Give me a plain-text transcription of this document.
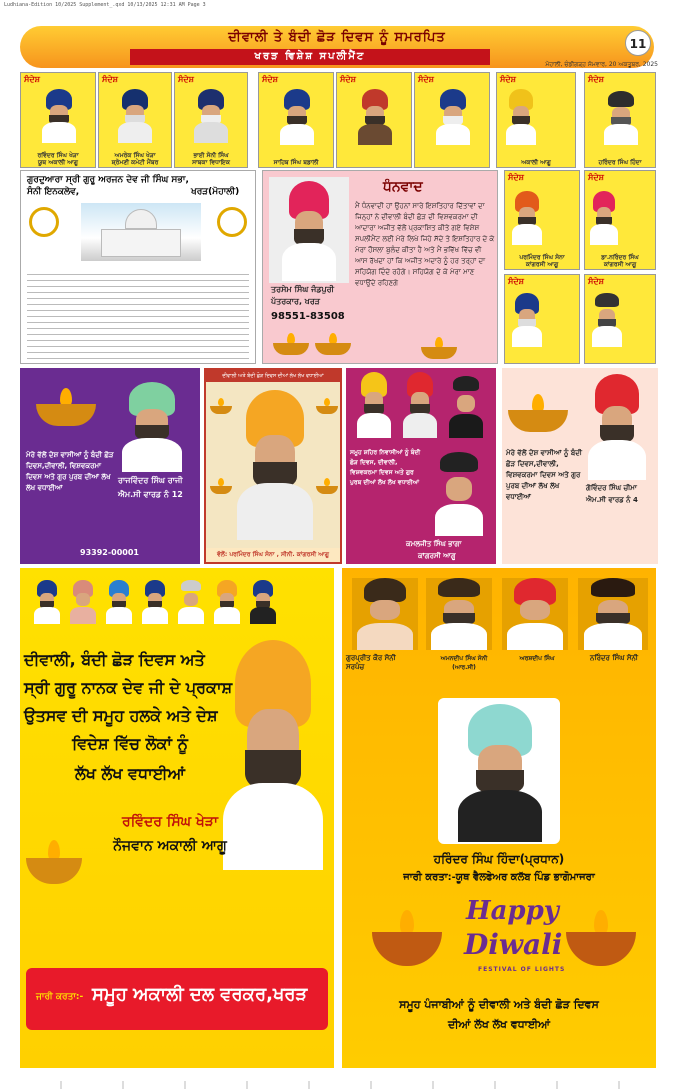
Ludhiana-Edition 10/2025 Supplement_.qxd 10/13/2025 12:31 AM Page 3
ਦੀਵਾਲੀ ਤੇ ਬੰਦੀ ਛੋੜ ਦਿਵਸ ਨੂੰ ਸਮਰਪਿਤ
ਖਰੜ ਵਿਸ਼ੇਸ਼ ਸਪਲੀਮੈਂਟ
11
ਮੋਹਾਲੀ, ਚੰਡੀਗੜ੍ਹ ਸੋਮਵਾਰ, 20 ਅਕਤੂਬਰ, 2025
ਸੰਦੇਸ਼
ਰਵਿੰਦਰ ਸਿੰਘ ਖੇੜਾ
ਯੂਥ ਅਕਾਲੀ ਆਗੂ
ਸੰਦੇਸ਼
ਅਮਰੇਕ ਸਿੰਘ ਖੇੜਾ
ਸ਼੍ਰੋਮਣੀ ਕਮੇਟੀ ਮੈਂਬਰ
ਸੰਦੇਸ਼
ਭਾਈ ਸੋਨੀ ਸਿੰਘ
ਸਾਬਕਾ ਵਿਧਾਇਕ
ਸੰਦੇਸ਼
ਸਾਹਿਬ ਸਿੰਘ ਬਡਾਲੀ
ਸੰਦੇਸ਼	ਸੰਦੇਸ਼	ਸੰਦੇਸ਼
ਅਕਾਲੀ ਆਗੂ
ਸੰਦੇਸ਼
ਹਰਿੰਦਰ ਸਿੰਘ ਹਿੰਦਾ
ਗੁਰਦੁਆਰਾ ਸ੍ਰੀ ਗੁਰੂ ਅਰਜਨ ਦੇਵ ਜੀ ਸਿੰਘ ਸਭਾ,
ਸੰਨੀ ਇਨਕਲੇਵ,	ਖਰੜ(ਮੋਹਾਲੀ)
ਤਰਸੇਮ ਸਿੰਘ ਜੰਡਪੁਰੀ
ਪੱਤਰਕਾਰ, ਖਰੜ
98551-83508
ਧੰਨਵਾਦ
ਮੈਂ ਧੰਨਵਾਦੀ ਹਾਂ ਉਹਨਾਂ ਸਾਰੇ ਇਸ਼ਤਿਹਾਰ ਦਿੱਤਾਵਾਂ ਦਾ ਜਿਨ੍ਹਾਂ ਨੇ ਦੀਵਾਲੀ ਬੰਦੀ ਛੋੜ ਦੀ ਵਿਸ਼ਵਕਰਮਾ ਦੀ ਆਦਾਰਾ ਅਜੀਤ ਵੱਲੋਂ ਪ੍ਰਕਾਸ਼ਿਤ ਕੀਤੇ ਗਏ ਵਿਸ਼ੇਸ਼ ਸਪਲੀਮੈਂਟ ਲਈ ਮੇਰੇ ਲਿਖੇ ਜਿਹੇ ਸੱਦੇ ਤੇ ਇਸ਼ਤਿਹਾਰ ਦੇ ਕੇ ਮੇਰਾ ਹੌਸਲਾ ਬੁਲੰਦ ਕੀਤਾ ਹੈ ਅਤੇ ਮੈਂ ਭਵਿੱਖ ਵਿੱਚ ਵੀ ਆਸ ਰੱਖਦਾ ਹਾਂ ਕਿ ਅਜੀਤ ਅਦਾਰੇ ਨੂੰ ਹਰ ਤਰ੍ਹਾਂ ਦਾ ਸਹਿਯੋਗ ਦਿੰਦੇ ਰਹੋਗੇ। ਸਹਿਯੋਗ ਦੇ ਕੇ ਮੇਰਾ ਮਾਣ ਵਧਾਉਂਦੇ ਰਹਿਣਗੇ
ਸੰਦੇਸ਼
ਪਰਮਿੰਦਰ ਸਿੰਘ ਸੋਨਾ
ਕਾਂਗਰਸੀ ਆਗੂ
ਸੰਦੇਸ਼
ਡਾ.ਨਰਿੰਦਰ ਸਿੰਘ
ਕਾਂਗਰਸੀ ਆਗੂ
ਸੰਦੇਸ਼	ਸੰਦੇਸ਼
ਮੇਰੇ ਵੱਲੋਂ ਦੇਸ਼ ਵਾਸੀਆਂ ਨੂੰ ਬੰਦੀ ਛੋੜ ਦਿਵਸ,ਦੀਵਾਲੀ, ਵਿਸ਼ਵਕਰਮਾ ਦਿਵਸ ਅਤੇ ਗੁਰ ਪੁਰਬ ਦੀਆਂ ਲੱਖ ਲੱਖ ਵਧਾਈਆਂ
ਰਾਜਵਿੰਦਰ ਸਿੰਘ ਰਾਜੀ
ਐਮ.ਸੀ ਵਾਰਡ ਨੰ 12
93392-00001
ਦੀਵਾਲੀ ਅਤੇ ਬੰਦੀ ਛੋੜ ਦਿਵਸ ਦੀਆਂ ਲੱਖ ਲੱਖ ਵਧਾਈਆਂ
ਵੱਲੋਂ: ਪਰਮਿੰਦਰ ਸਿੰਘ ਸੋਨਾ , ਸੀਨੀ. ਕਾਂਗਰਸੀ ਆਗੂ
ਸਮੂਹ ਸ਼ਹਿਰ ਨਿਵਾਸੀਆਂ ਨੂੰ ਬੰਦੀ ਛੋੜ ਦਿਵਸ, ਦੀਵਾਲੀ, ਵਿਸ਼ਵਕਰਮਾ ਦਿਵਸ ਅਤੇ ਗੁਰ ਪੁਰਬ ਦੀਆਂ ਲੱਖ ਲੱਖ ਵਧਾਈਆਂ
ਕਮਲਜੀਤ ਸਿੰਘ ਭਾਗਾ
ਕਾਂਗਰਸੀ ਆਗੂ
ਮੇਰੇ ਵੱਲੋਂ ਦੇਸ਼ ਵਾਸੀਆਂ ਨੂੰ ਬੰਦੀ ਛੋੜ ਦਿਵਸ,ਦੀਵਾਲੀ, ਵਿਸ਼ਵਕਰਮਾ ਦਿਵਸ ਅਤੇ ਗੁਰ ਪੁਰਬ ਦੀਆਂ ਲੱਖ ਲੱਖ ਵਧਾਈਆਂ
ਗੋਵਿੰਦਰ ਸਿੰਘ ਚੀਮਾ
ਐਮ.ਸੀ ਵਾਰਡ ਨੰ 4
ਦੀਵਾਲੀ, ਬੰਦੀ ਛੋੜ ਦਿਵਸ ਅਤੇ
ਸ੍ਰੀ ਗੁਰੂ ਨਾਨਕ ਦੇਵ ਜੀ ਦੇ ਪ੍ਰਕਾਸ਼
ਉਤਸਵ ਦੀ ਸਮੂਹ ਹਲਕੇ ਅਤੇ ਦੇਸ਼
ਵਿਦੇਸ਼ ਵਿੱਚ ਲੋਕਾਂ ਨੂੰ
ਲੱਖ ਲੱਖ ਵਧਾਈਆਂ
ਰਵਿੰਦਰ ਸਿੰਘ ਖੇੜਾ
ਨੌਜਵਾਨ ਅਕਾਲੀ ਆਗੂ
ਜਾਰੀ ਕਰਤਾ:- ਸਮੂਹ ਅਕਾਲੀ ਦਲ ਵਰਕਰ,ਖਰੜ
ਗੁਰਪ੍ਰੀਤ ਕੌਰ ਸੋਨੀ
ਸਰਪੰਚ
ਅਮਨਦੀਪ ਸਿੰਘ ਸੋਨੀ
(ਆਰ.ਸੀ)
ਅਰਸ਼ਦੀਪ ਸਿੰਘ	ਨਰਿੰਦਰ ਸਿੰਘ ਸੋਨੀ
ਹਰਿੰਦਰ ਸਿੰਘ ਹਿੰਦਾ(ਪ੍ਰਧਾਨ)
ਜਾਰੀ ਕਰਤਾ:-ਯੂਥ ਵੈਲਫੇਅਰ ਕਲੱਬ ਪਿੰਡ ਭਾਗੋਮਾਜਰਾ
Happy
Diwali
FESTIVAL OF LIGHTS
ਸਮੂਹ ਪੰਜਾਬੀਆਂ ਨੂੰ ਦੀਵਾਲੀ ਅਤੇ ਬੰਦੀ ਛੋੜ ਦਿਵਸ
ਦੀਆਂ ਲੱਖ ਲੱਖ ਵਧਾਈਆਂ
